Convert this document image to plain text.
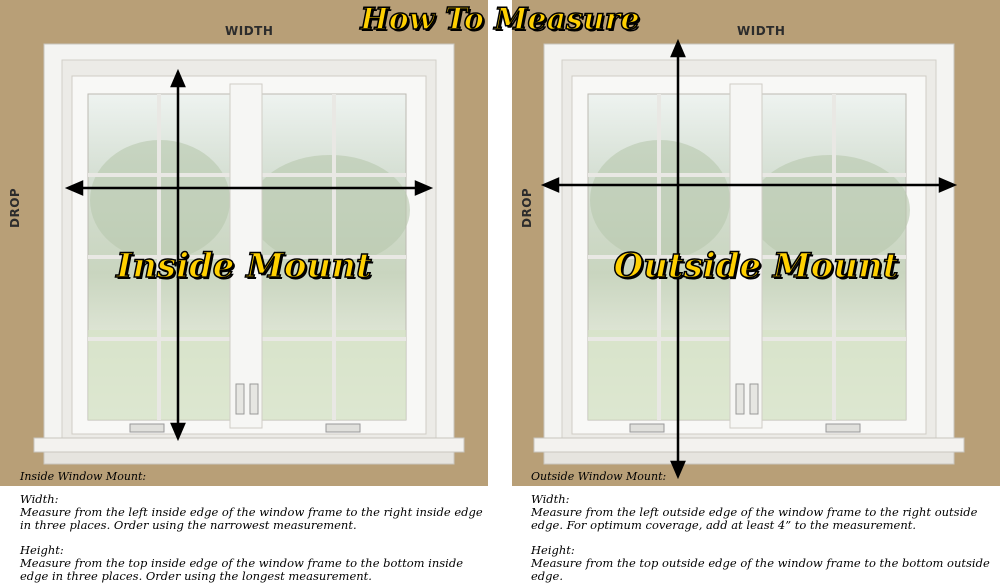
WIDTH
DROP
Inside Mount
WIDTH
DROP
Outside Mount
How To Measure
Inside Window Mount:	Outside Window Mount:
Width:
Measure from the left inside edge of the window frame to the right inside edge in three places. Order using the narrowest measurement.
Height:
Measure from the top inside edge of the window frame to the bottom inside edge in three places. Order using the longest measurement.
Width:
Measure from the left outside edge of the window frame to the right outside edge. For optimum coverage, add at least 4” to the measurement.
Height:
Measure from the top outside edge of the window frame to the bottom outside edge.
